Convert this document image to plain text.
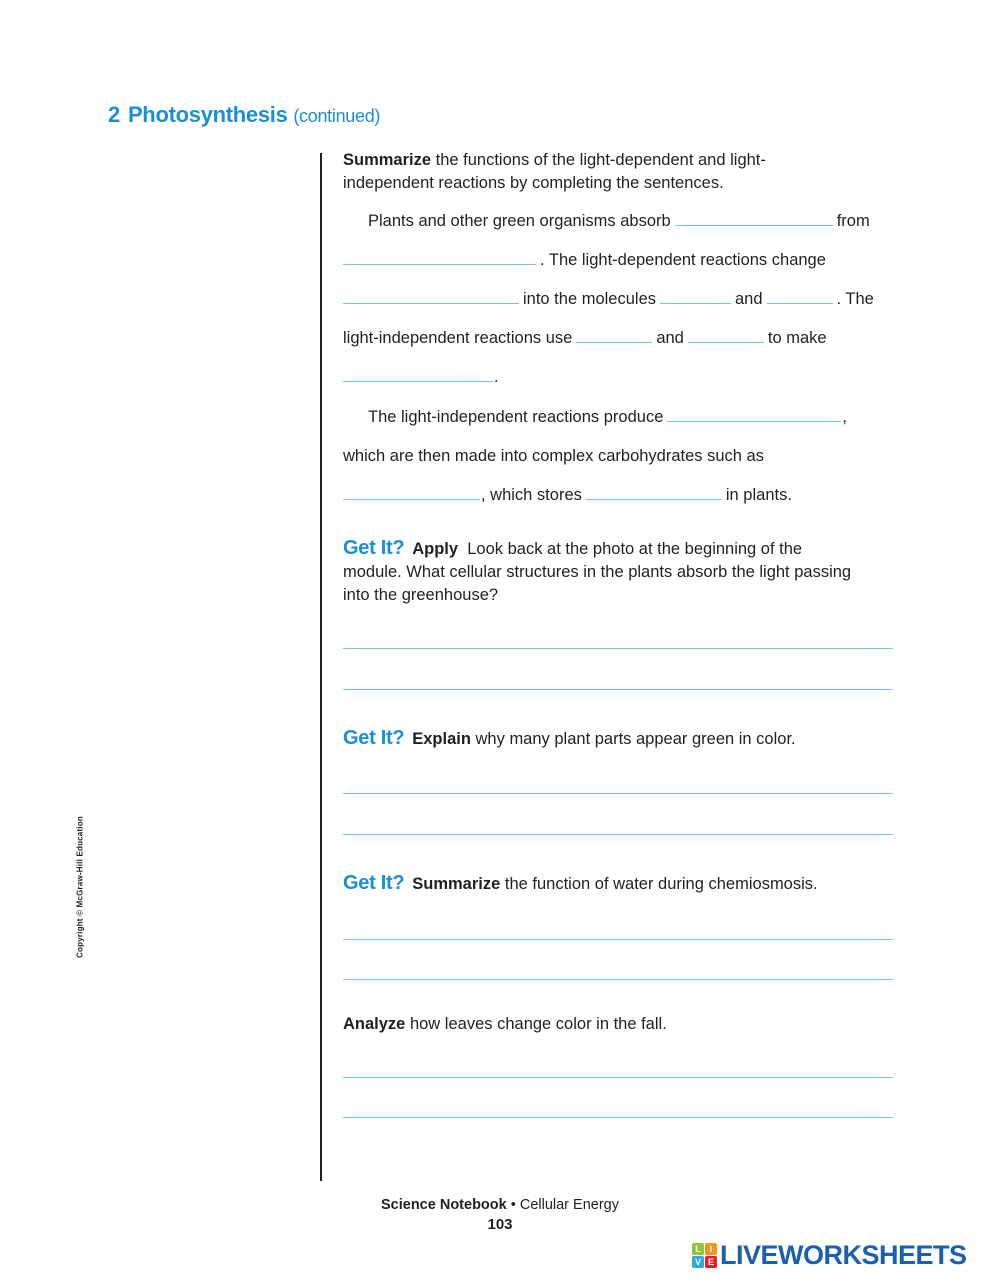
2 Photosynthesis (continued)
Summarize the functions of the light-dependent and light-
independent reactions by completing the sentences.
Plants and other green organisms absorb	from
. The light-dependent reactions change
into the molecules	and	. The
light-independent reactions use	and	to make
.
The light-independent reactions produce	,
which are then made into complex carbohydrates such as
, which stores	in plants.
Get It? Apply Look back at the photo at the beginning of the
module. What cellular structures in the plants absorb the light passing
into the greenhouse?
Get It? Explain why many plant parts appear green in color.
Get It? Summarize the function of water during chemiosmosis.
Analyze how leaves change color in the fall.
Copyright © McGraw-Hill Education
Science Notebook • Cellular Energy
103
L I
V E LIVEWORKSHEETS
